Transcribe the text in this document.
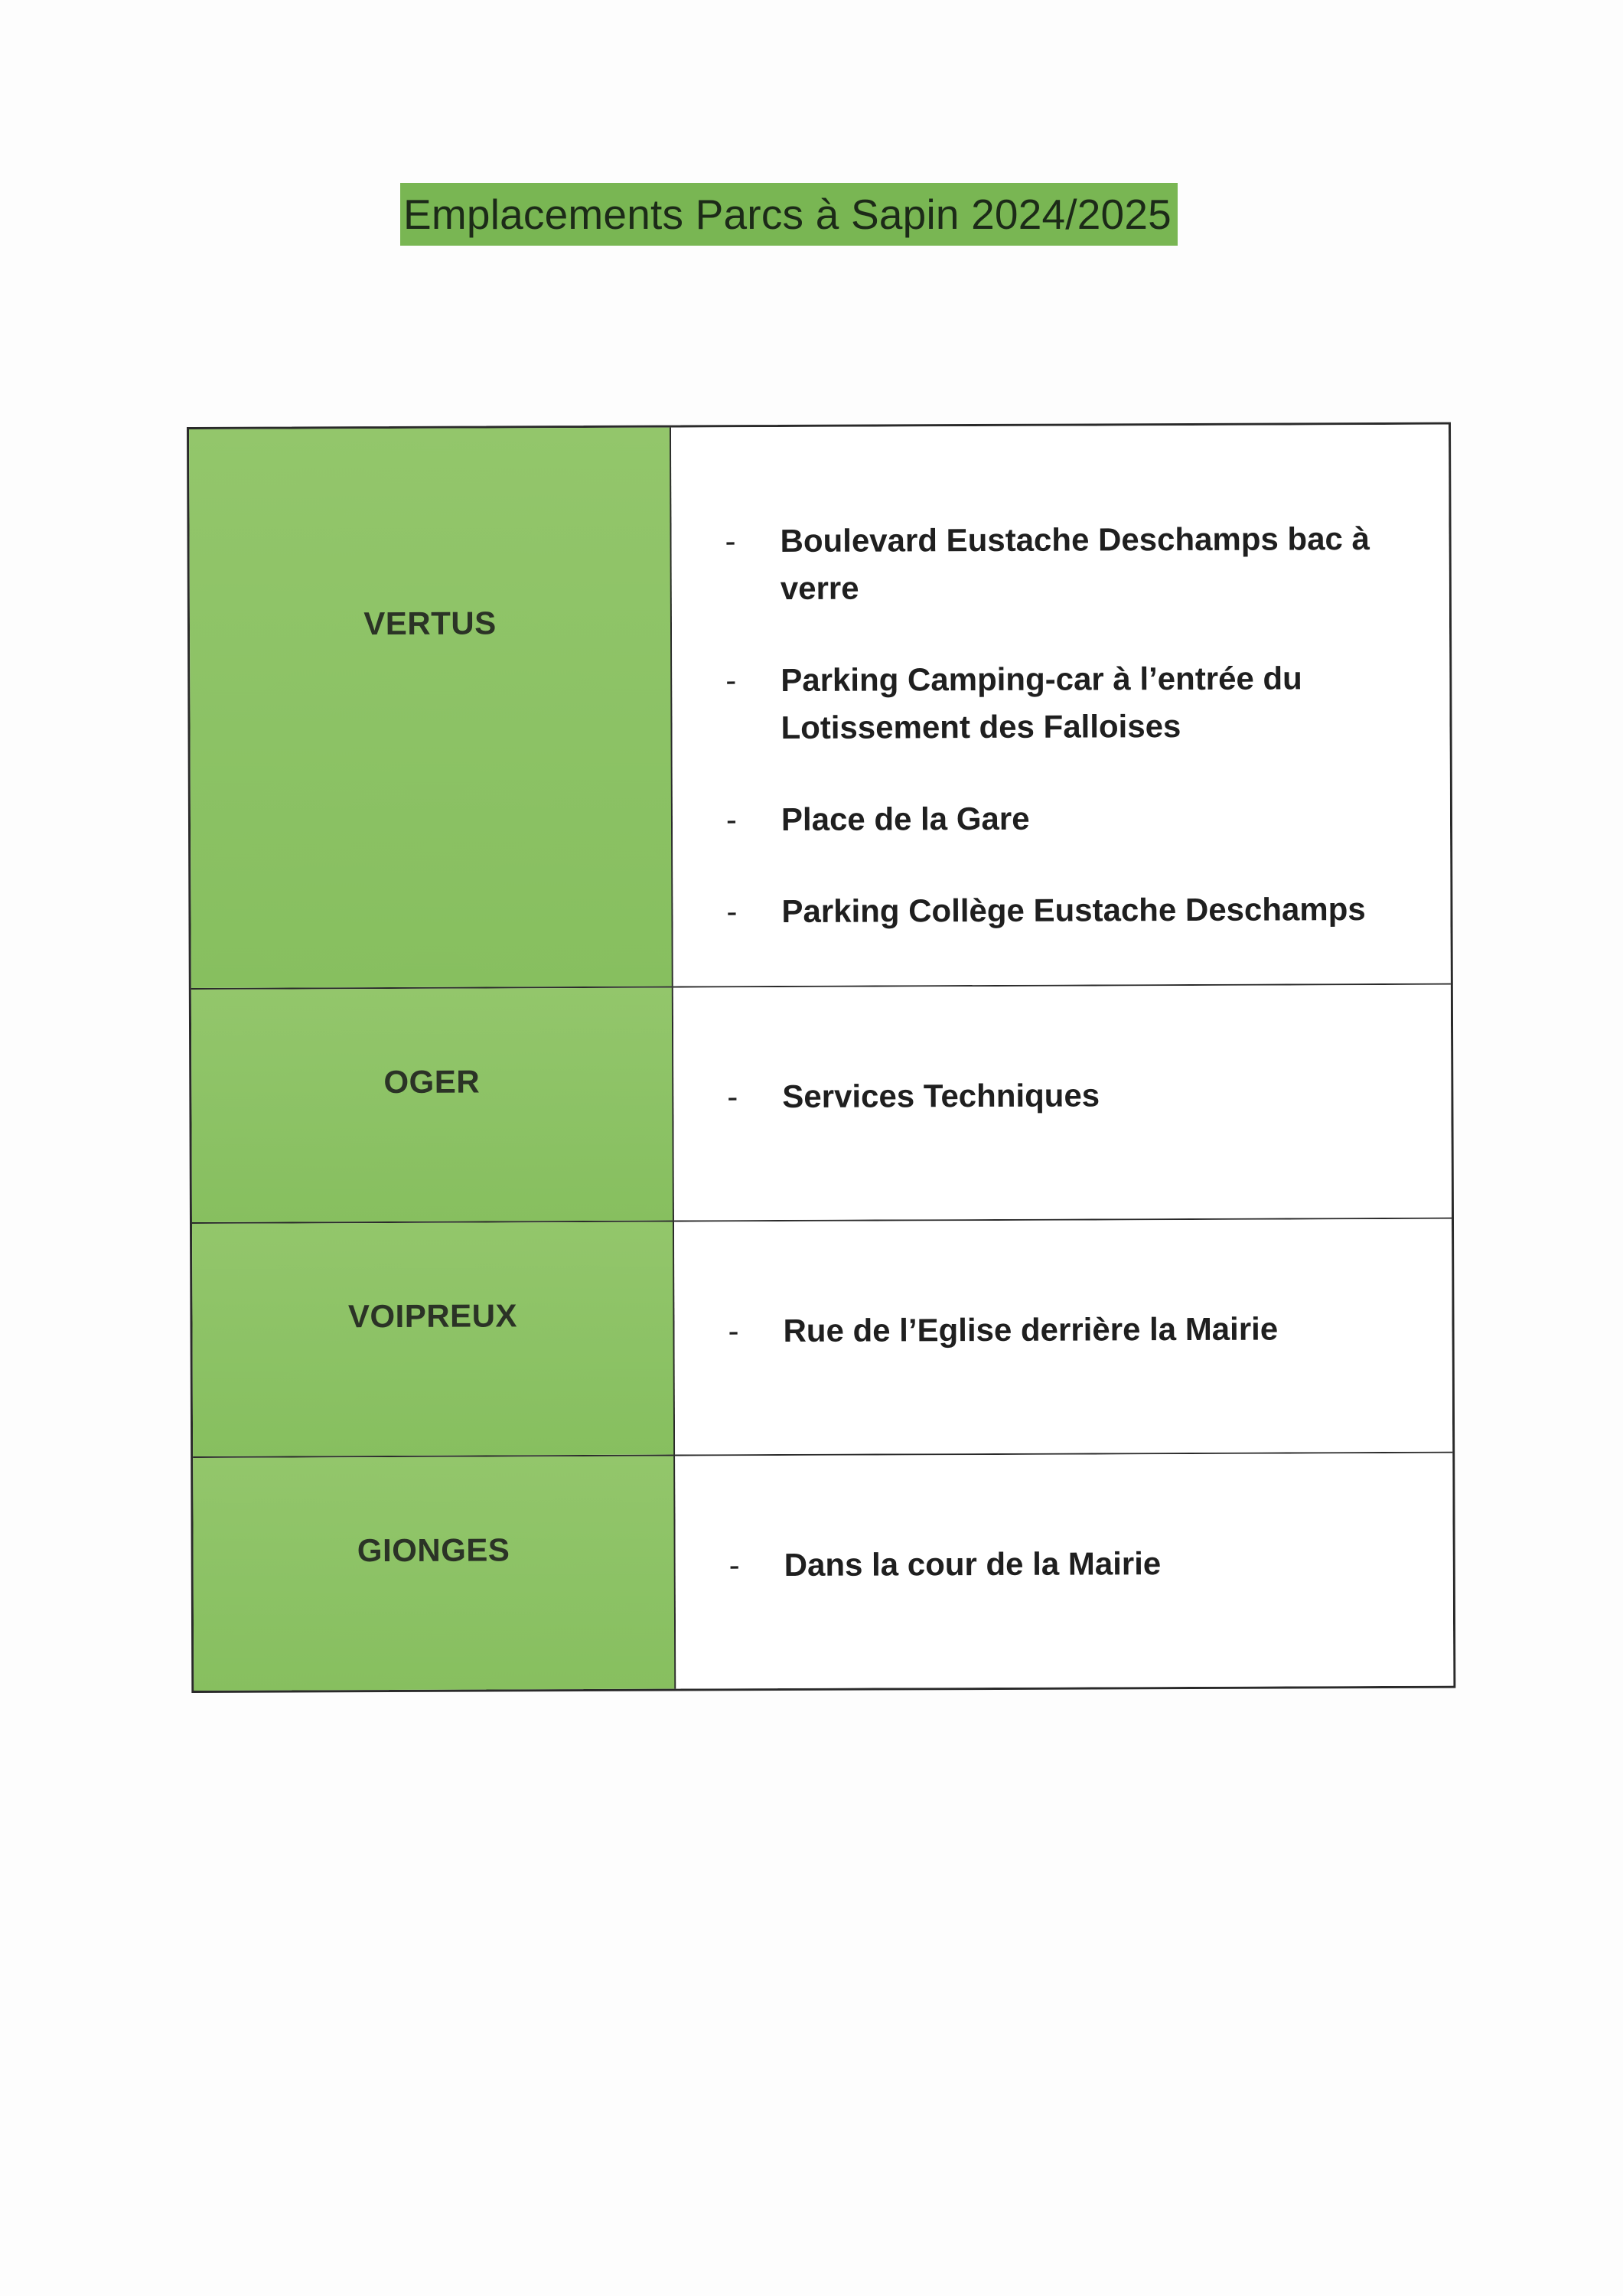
Emplacements Parcs à Sapin 2024/2025
VERTUS
-	Boulevard Eustache Deschamps bac à verre
-	Parking Camping-car à l’entrée du Lotissement des Falloises
-	Place de la Gare
-	Parking Collège Eustache Deschamps
OGER	-	Services Techniques
VOIPREUX	-	Rue de l’Eglise derrière la Mairie
GIONGES	-	Dans la cour de la Mairie
